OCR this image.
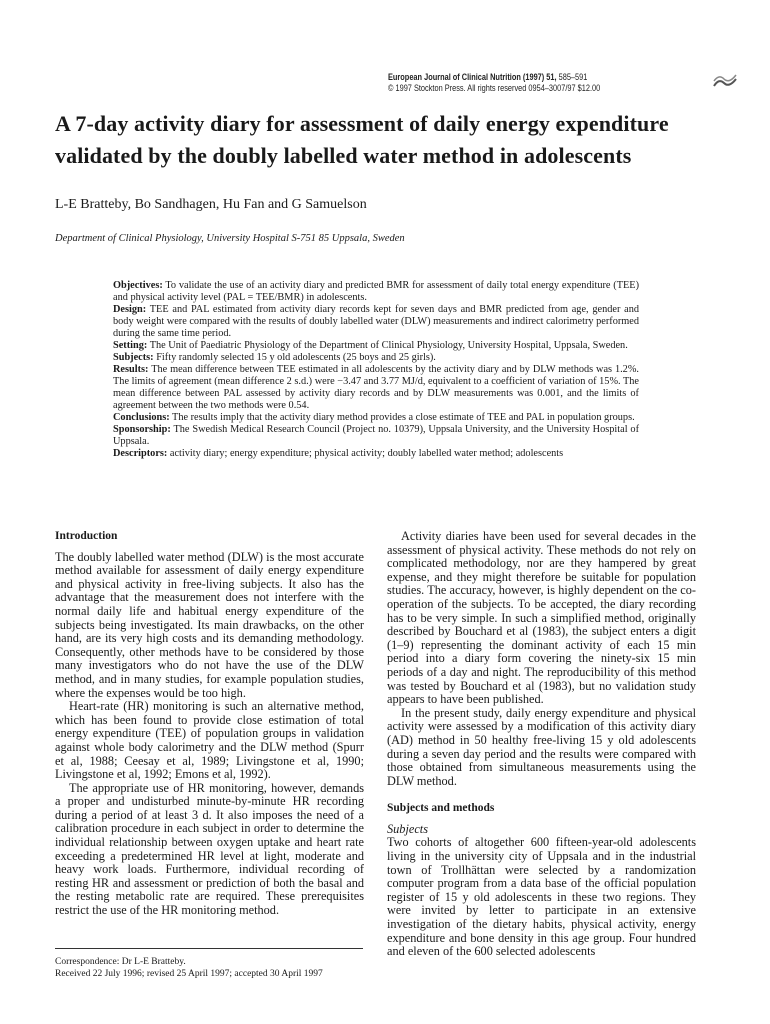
European Journal of Clinical Nutrition (1997) 51, 585–591
© 1997 Stockton Press. All rights reserved 0954–3007/97 $12.00
A 7-day activity diary for assessment of daily energy expenditure validated by the doubly labelled water method in adolescents
L-E Bratteby, Bo Sandhagen, Hu Fan and G Samuelson
Department of Clinical Physiology, University Hospital S-751 85 Uppsala, Sweden

Objectives: To validate the use of an activity diary and predicted BMR for assessment of daily total energy expenditure (TEE) and physical activity level (PAL = TEE/BMR) in adolescents.

Design: TEE and PAL estimated from activity diary records kept for seven days and BMR predicted from age, gender and body weight were compared with the results of doubly labelled water (DLW) measurements and indirect calorimetry performed during the same time period.

Setting: The Unit of Paediatric Physiology of the Department of Clinical Physiology, University Hospital, Uppsala, Sweden.

Subjects: Fifty randomly selected 15 y old adolescents (25 boys and 25 girls).

Results: The mean difference between TEE estimated in all adolescents by the activity diary and by DLW methods was 1.2%. The limits of agreement (mean difference 2 s.d.) were −3.47 and 3.77 MJ/d, equivalent to a coefficient of variation of 15%. The mean difference between PAL assessed by activity diary records and by DLW measurements was 0.001, and the limits of agreement between the two methods were 0.54.

Conclusions: The results imply that the activity diary method provides a close estimate of TEE and PAL in population groups.

Sponsorship: The Swedish Medical Research Council (Project no. 10379), Uppsala University, and the University Hospital of Uppsala.

Descriptors: activity diary; energy expenditure; physical activity; doubly labelled water method; adolescents

Introduction

The doubly labelled water method (DLW) is the most accurate method available for assessment of daily energy expenditure and physical activity in free-living subjects. It also has the advantage that the measurement does not interfere with the normal daily life and habitual energy expenditure of the subjects being investigated. Its main drawbacks, on the other hand, are its very high costs and its demanding methodology. Consequently, other methods have to be considered by those many investigators who do not have the use of the DLW method, and in many studies, for example population studies, where the expenses would be too high.

Heart-rate (HR) monitoring is such an alternative method, which has been found to provide close estimation of total energy expenditure (TEE) of population groups in validation against whole body calorimetry and the DLW method (Spurr et al, 1988; Ceesay et al, 1989; Livingstone et al, 1990; Livingstone et al, 1992; Emons et al, 1992).

The appropriate use of HR monitoring, however, demands a proper and undisturbed minute-by-minute HR recording during a period of at least 3 d. It also imposes the need of a calibration procedure in each subject in order to determine the individual relationship between oxygen uptake and heart rate exceeding a predetermined HR level at light, moderate and heavy work loads. Furthermore, individual recording of resting HR and assessment or prediction of both the basal and the resting metabolic rate are required. These prerequisites restrict the use of the HR monitoring method.

Activity diaries have been used for several decades in the assessment of physical activity. These methods do not rely on complicated methodology, nor are they hampered by great expense, and they might therefore be suitable for population studies. The accuracy, however, is highly dependent on the co-operation of the subjects. To be accepted, the diary recording has to be very simple. In such a simplified method, originally described by Bouchard et al (1983), the subject enters a digit (1–9) representing the dominant activity of each 15 min period into a diary form covering the ninety-six 15 min periods of a day and night. The reproducibility of this method was tested by Bouchard et al (1983), but no validation study appears to have been published.

In the present study, daily energy expenditure and physical activity were assessed by a modification of this activity diary (AD) method in 50 healthy free-living 15 y old adolescents during a seven day period and the results were compared with those obtained from simultaneous measurements using the DLW method.

Subjects and methods

Subjects

Two cohorts of altogether 600 fifteen-year-old adolescents living in the university city of Uppsala and in the industrial town of Trollhättan were selected by a randomization computer program from a data base of the official population register of 15 y old adolescents in these two regions. They were invited by letter to participate in an extensive investigation of the dietary habits, physical activity, energy expenditure and bone density in this age group. Four hundred and eleven of the 600 selected adolescents

Correspondence: Dr L-E Bratteby.
Received 22 July 1996; revised 25 April 1997; accepted 30 April 1997
